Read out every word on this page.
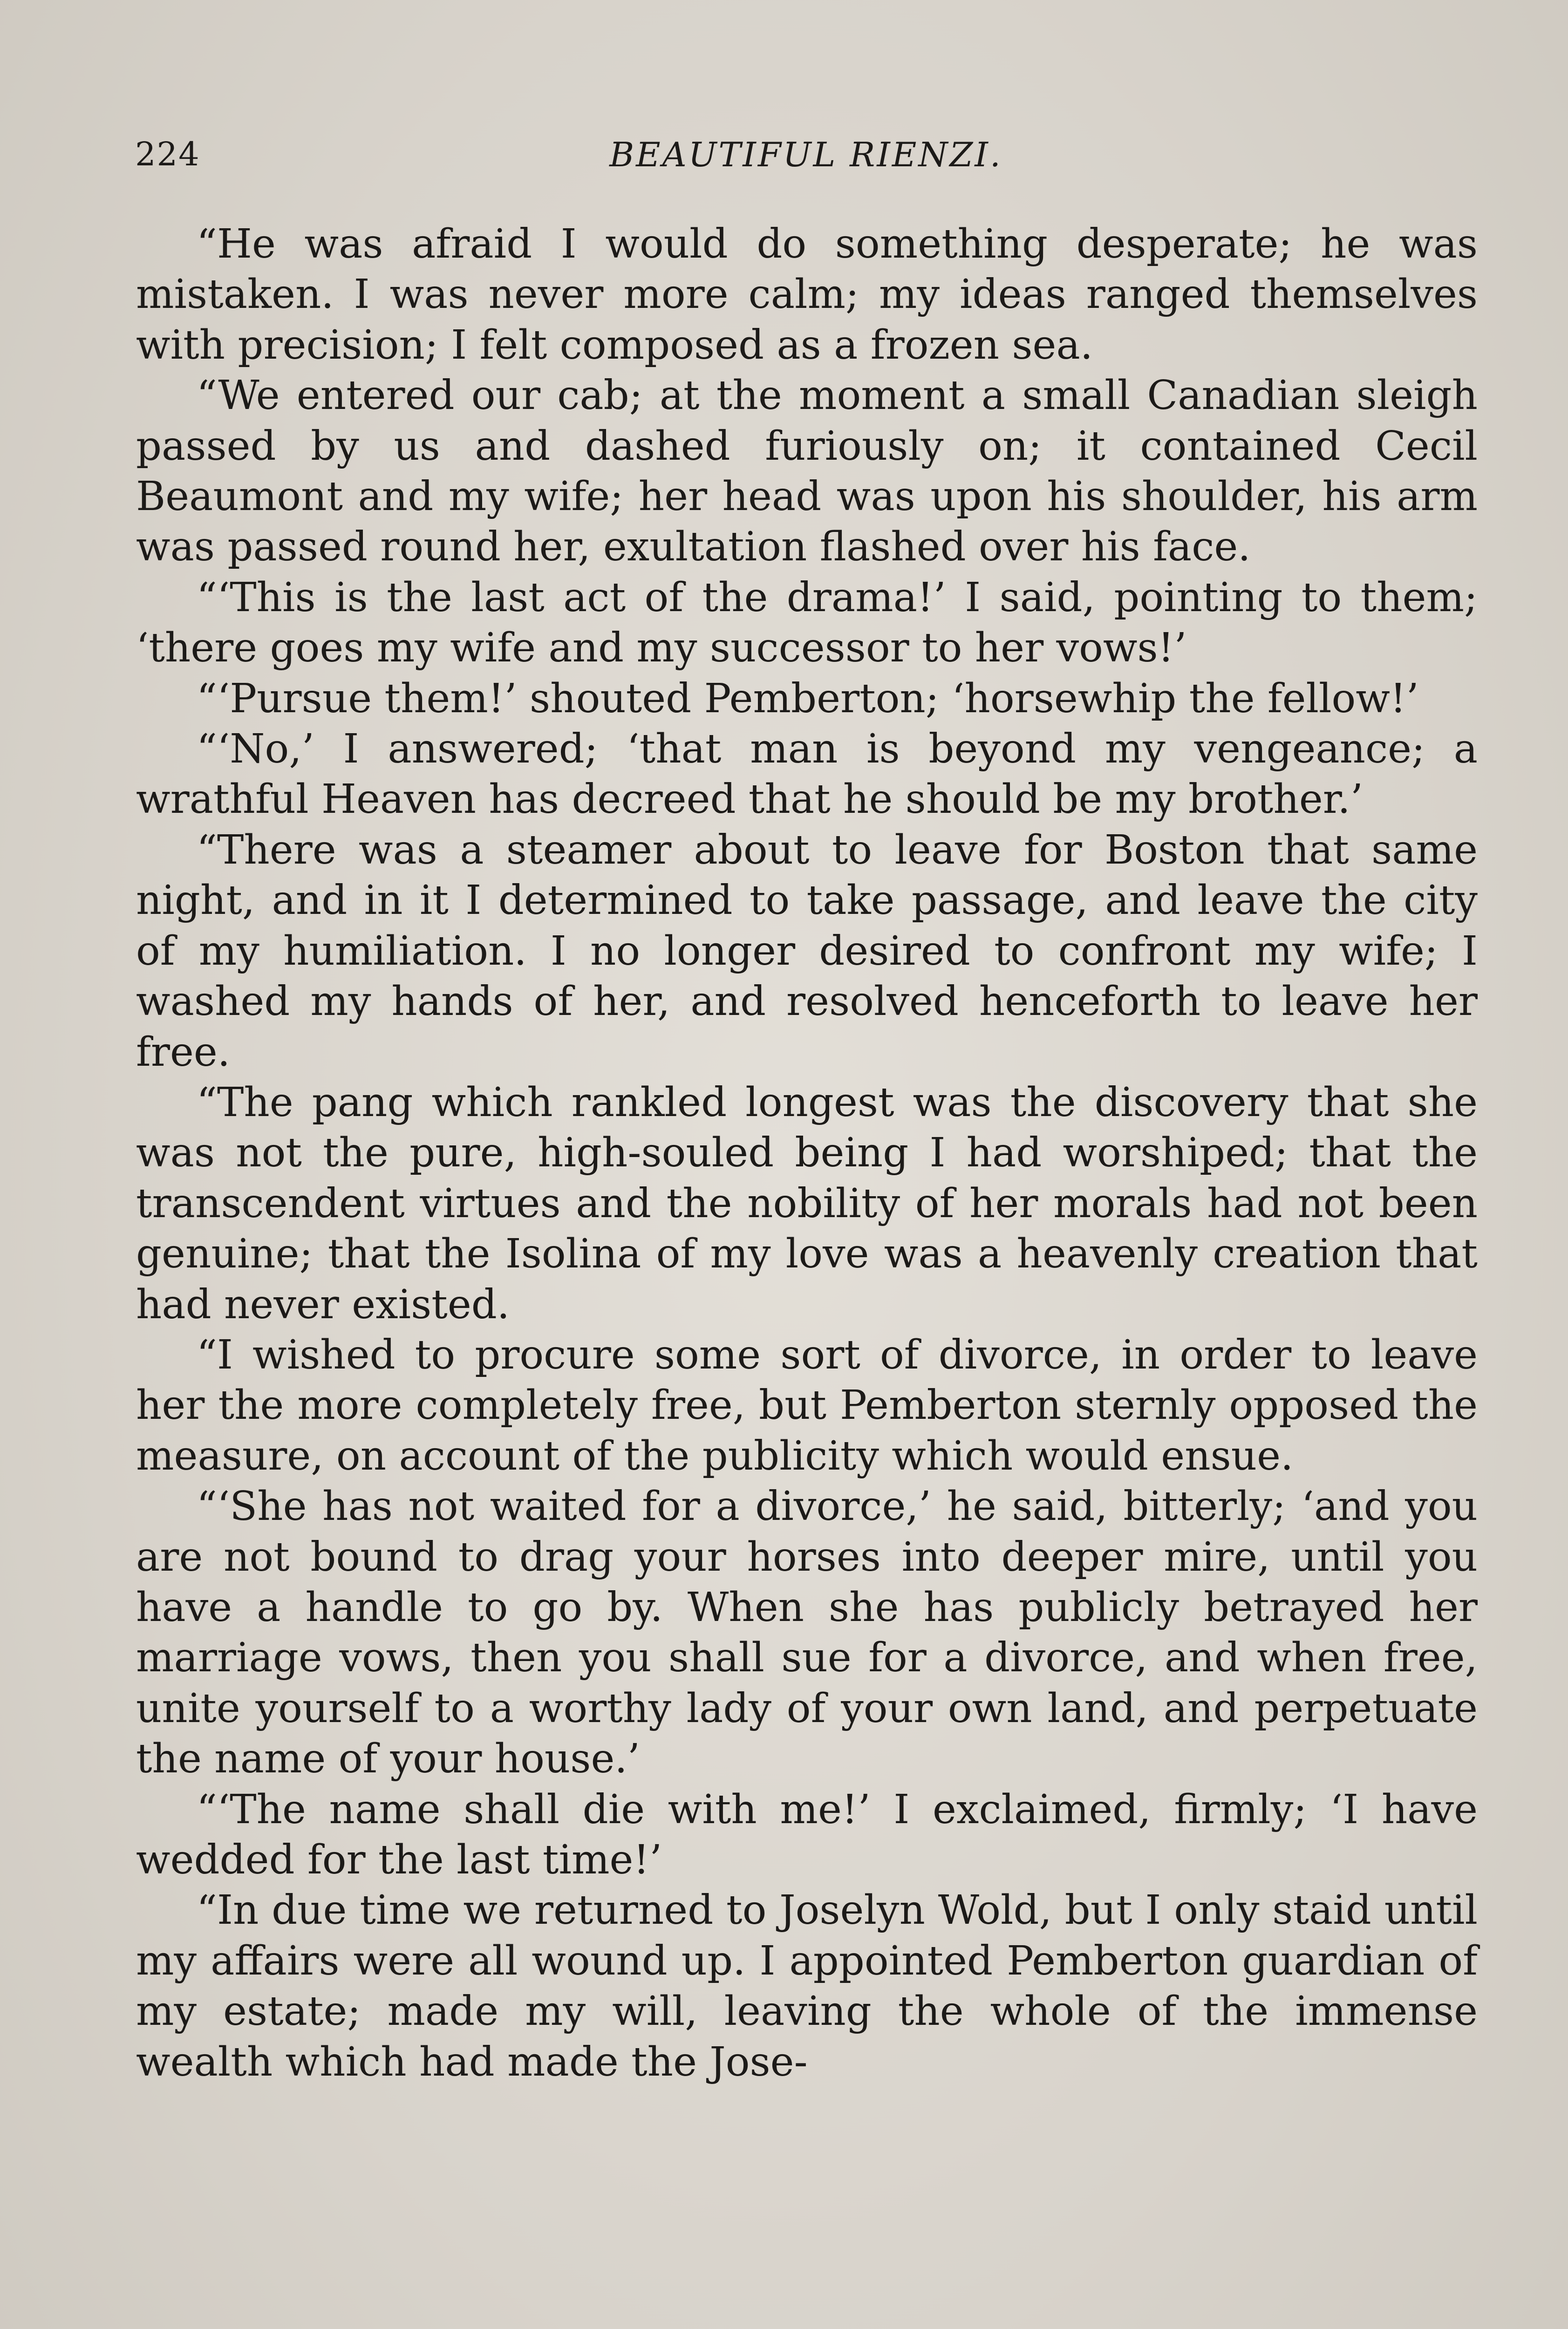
224	BEAUTIFUL RIENZI.

“He was afraid I would do something desperate; he was mistaken. I was never more calm; my ideas ranged themselves with precision; I felt composed as a frozen sea.

“We entered our cab; at the moment a small Canadian sleigh passed by us and dashed furiously on; it contained Cecil Beaumont and my wife; her head was upon his shoulder, his arm was passed round her, exultation flashed over his face.

“‘This is the last act of the drama!’ I said, pointing to them; ‘there goes my wife and my successor to her vows!’

“‘Pursue them!’ shouted Pemberton; ‘horsewhip the fellow!’

“‘No,’ I answered; ‘that man is beyond my vengeance; a wrathful Heaven has decreed that he should be my brother.’

“There was a steamer about to leave for Boston that same night, and in it I determined to take passage, and leave the city of my humiliation. I no longer desired to confront my wife; I washed my hands of her, and resolved henceforth to leave her free.

“The pang which rankled longest was the discovery that she was not the pure, high-souled being I had worshiped; that the transcendent virtues and the nobility of her morals had not been genuine; that the Isolina of my love was a heavenly creation that had never existed.

“I wished to procure some sort of divorce, in order to leave her the more completely free, but Pemberton sternly opposed the measure, on account of the publicity which would ensue.

“‘She has not waited for a divorce,’ he said, bitterly; ‘and you are not bound to drag your horses into deeper mire, until you have a handle to go by. When she has publicly betrayed her marriage vows, then you shall sue for a divorce, and when free, unite yourself to a worthy lady of your own land, and perpetuate the name of your house.’

“‘The name shall die with me!’ I exclaimed, firmly; ‘I have wedded for the last time!’

“In due time we returned to Joselyn Wold, but I only staid until my affairs were all wound up. I appointed Pemberton guardian of my estate; made my will, leaving the whole of the immense wealth which had made the Jose-
